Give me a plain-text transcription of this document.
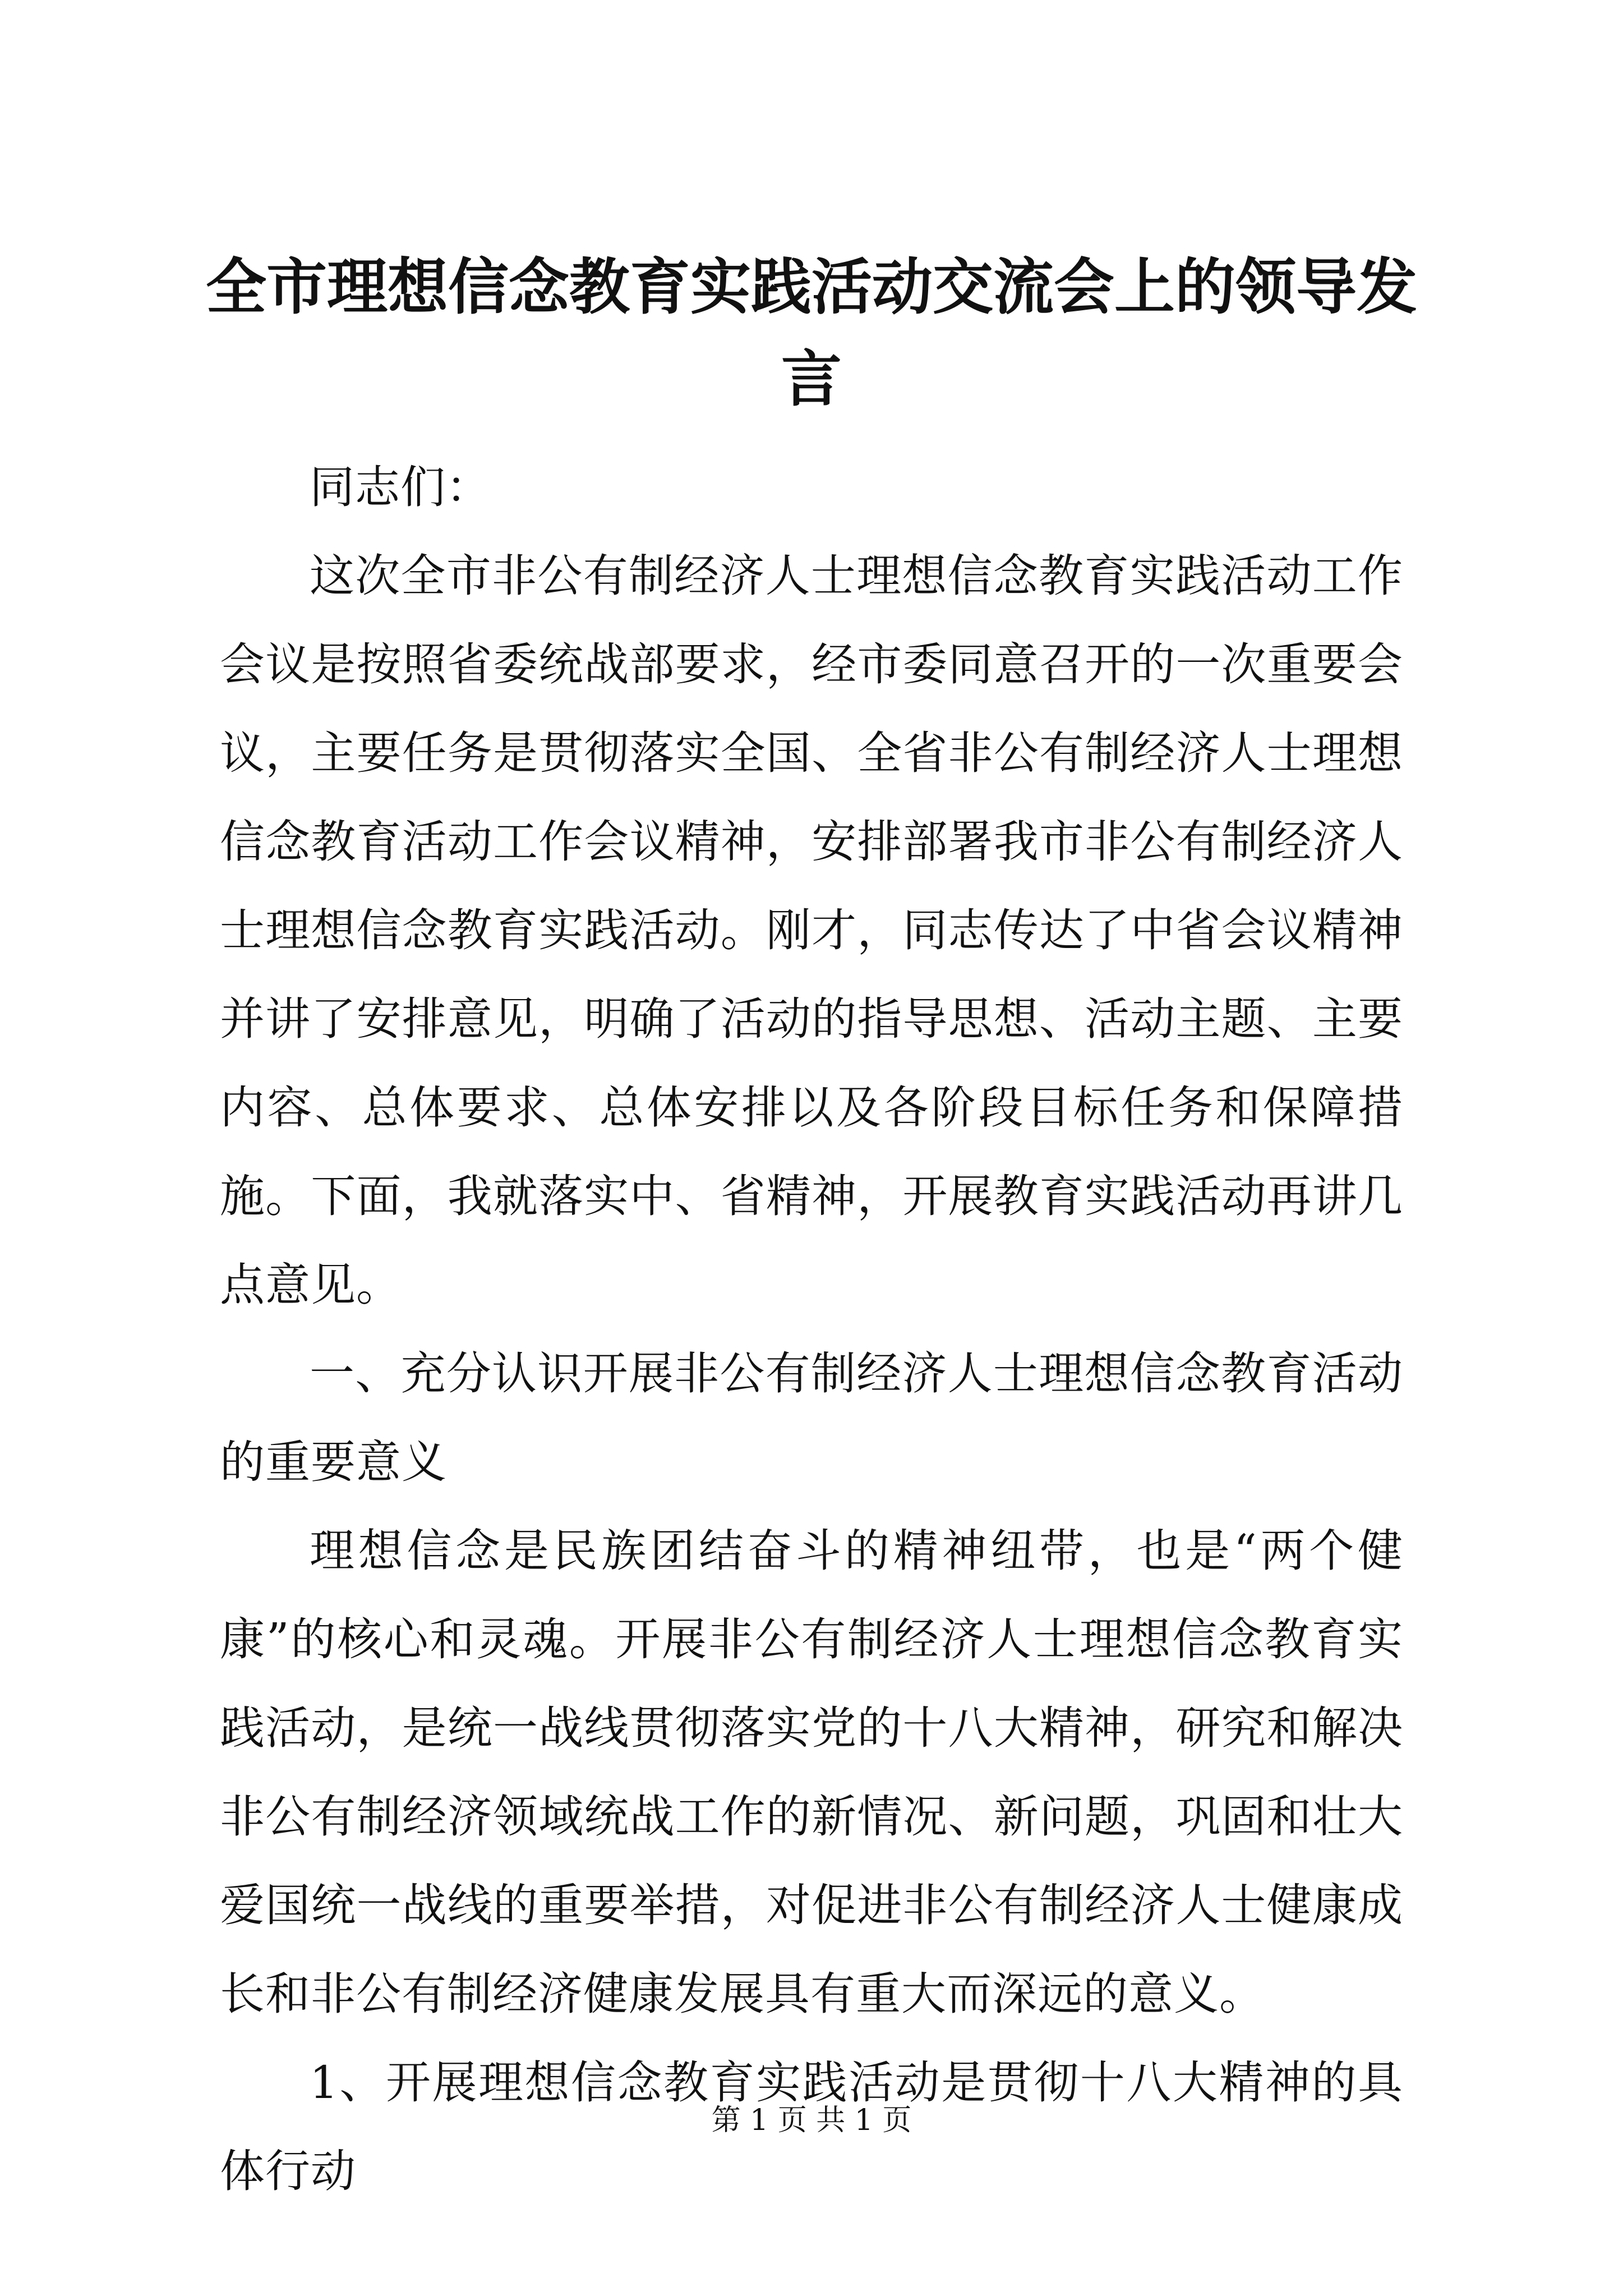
全市理想信念教育实践活动交流会上的领导发言

同志们：

这次全市非公有制经济人士理想信念教育实践活动工作会议是按照省委统战部要求，经市委同意召开的一次重要会议，主要任务是贯彻落实全国、全省非公有制经济人士理想信念教育活动工作会议精神，安排部署我市非公有制经济人士理想信念教育实践活动。刚才，同志传达了中省会议精神并讲了安排意见，明确了活动的指导思想、活动主题、主要内容、总体要求、总体安排以及各阶段目标任务和保障措施。下面，我就落实中、省精神，开展教育实践活动再讲几点意见。

一、充分认识开展非公有制经济人士理想信念教育活动的重要意义

理想信念是民族团结奋斗的精神纽带，也是“两个健康”的核心和灵魂。开展非公有制经济人士理想信念教育实践活动，是统一战线贯彻落实党的十八大精神，研究和解决非公有制经济领域统战工作的新情况、新问题，巩固和壮大爱国统一战线的重要举措，对促进非公有制经济人士健康成长和非公有制经济健康发展具有重大而深远的意义。

1、开展理想信念教育实践活动是贯彻十八大精神的具体行动

第 1 页 共 1 页
